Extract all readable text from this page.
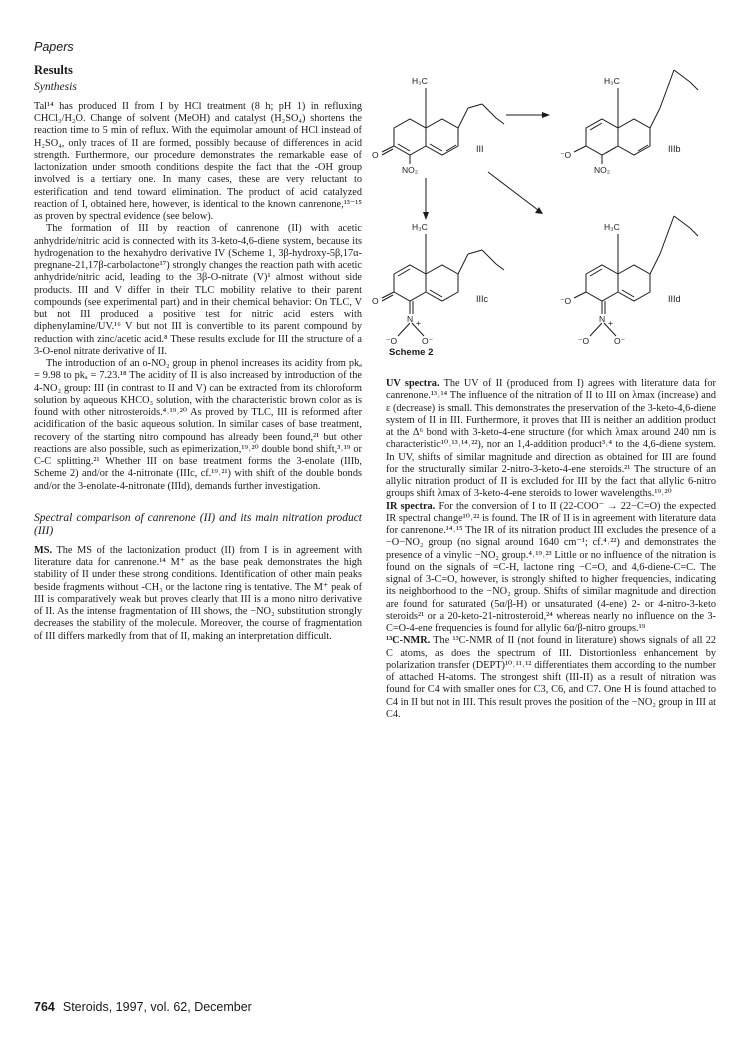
Papers
Results
Synthesis

Tal¹⁴ has produced II from I by HCl treatment (8 h; pH 1) in refluxing CHCl₃/H₂O. Change of solvent (MeOH) and catalyst (H₂SO₄) shortens the reaction time to 5 min of reflux. With the equimolar amount of HCl instead of H₂SO₄, only traces of II are formed, possibly because of differences in acid strength. Furthermore, our procedure demonstrates the remarkable ease of lactonization under smooth conditions despite the fact that the -OH group involved is a tertiary one. In many cases, these are very reluctant to esterification and tend toward elimination. The product of acid catalyzed reaction of I, obtained here, however, is identical to the known canrenone,¹³⁻¹⁵ as proven by spectral evidence (see below).

The formation of III by reaction of canrenone (II) with acetic anhydride/nitric acid is connected with its 3-keto-4,6-diene system, because its hydrogenation to the hexahydro derivative IV (Scheme 1, 3β-hydroxy-5β,17α-pregnane-21,17β-carbolactone¹⁷) strongly changes the reaction path with acetic anhydride/nitric acid, leading to the 3β-O-nitrate (V)¹ almost without side products. III and V differ in their TLC mobility relative to their parent compounds (see experimental part) and in their chemical behavior: On TLC, V but not III produced a positive test for nitric acid esters with diphenylamine/UV.¹⁶ V but not III is convertible to its parent compound by reduction with zinc/acetic acid.⁸ These results exclude for III the structure of a 3-O-enol nitrate derivative of II.

The introduction of an o-NO₂ group in phenol increases its acidity from pkₐ = 9.98 to pkₐ = 7.23.¹⁸ The acidity of II is also increased by introduction of the 4-NO₂ group: III (in contrast to II and V) can be extracted from its chloroform solution by aqueous KHCO₃ solution, with the characteristic brown color as is found with other nitrosteroids.⁴˒¹⁹˒²⁰ As proved by TLC, III is reformed after acidification of the basic aqueous solution. In similar cases of base treatment, recovery of the starting nitro compound has already been found,²¹ but other reactions are also possible, such as epimerization,¹⁹˒²⁰ double bond shift,³˒¹⁹ or C-C splitting.²¹ Whether III on base treatment forms the 3-enolate (IIIb, Scheme 2) and/or the 4-nitronate (IIIc, cf.¹⁹˒²¹) with shift of the double bonds and/or the 3-enolate-4-nitronate (IIId), demands further investigation.

Spectral comparison of canrenone (II) and its main nitration product (III)

MS. The MS of the lactonization product (II) from I is in agreement with literature data for canrenone.¹⁴ M⁺ as the base peak demonstrates the high stability of II under these strong conditions. Identification of other main peaks beside fragments without -CH₃ or the lactone ring is tentative. The M⁺ peak of III is comparatively weak but proves clearly that III is a mono nitro derivative of II. As the intense fragmentation of III shows, the −NO₂ substitution strongly decreases the stability of the molecule. Moreover, the course of fragmentation of III differs markedly from that of II, making an interpretation difficult.

H₃C
O
NO₂
H₃C
⁻O
NO₂
H₃C
O
N +
⁻O	O⁻
H₃C
⁻O
N +
⁻O	O⁻
III	IIIb
IIIc	IIId
Scheme 2

UV spectra. The UV of II (produced from I) agrees with literature data for canrenone.¹³˒¹⁴ The influence of the nitration of II to III on λmax (increase) and ε (decrease) is small. This demonstrates the preservation of the 3-keto-4,6-diene system of II in III. Furthermore, it proves that III is neither an addition product at the Δ⁶ bond with 3-keto-4-ene structure (for which λmax around 240 nm is characteristic¹⁰˒¹³˒¹⁴˒²²), nor an 1,4-addition product³˒⁴ to the 4,6-diene system. In UV, shifts of similar magnitude and direction as obtained for III are found for the structurally similar 2-nitro-3-keto-4-ene steroids.²¹ The structure of an allylic nitration product of II is excluded for III by the fact that allylic 6-nitro groups shift λmax of 3-keto-4-ene steroids to lower wavelengths.¹⁹˒²⁰

IR spectra. For the conversion of I to II (22-COO⁻ → 22−C=O) the expected IR spectral change¹⁰˒²² is found. The IR of II is in agreement with literature data for canrenone.¹⁴˒¹⁵ The IR of its nitration product III excludes the presence of a −O−NO₂ group (no signal around 1640 cm⁻¹; cf.⁴˒²²) and demonstrates the presence of a vinylic −NO₂ group.⁴˒¹⁹˒²³ Little or no influence of the nitration is found on the signals of =C-H, lactone ring −C=O, and 4,6-diene-C=C. The signal of 3-C=O, however, is strongly shifted to higher frequencies, indicating its neighborhood to the −NO₂ group. Shifts of similar magnitude and direction are found for saturated (5α/β-H) or unsaturated (4-ene) 2- or 4-nitro-3-keto steroids²¹ or a 20-keto-21-nitrosteroid,²⁴ whereas nearly no influence on the 3-C=O-4-ene frequencies is found for allylic 6α/β-nitro groups.¹⁹

¹³C-NMR. The ¹³C-NMR of II (not found in literature) shows signals of all 22 C atoms, as does the spectrum of III. Distortionless enhancement by polarization transfer (DEPT)¹⁰˒¹¹˒¹² differentiates them according to the number of attached H-atoms. The strongest shift (III-II) as a result of nitration was found for C4 with smaller ones for C3, C6, and C7. One H is found attached to C4 in II but not in III. This result proves the position of the −NO₂ group in III at C4.

764 Steroids, 1997, vol. 62, December
